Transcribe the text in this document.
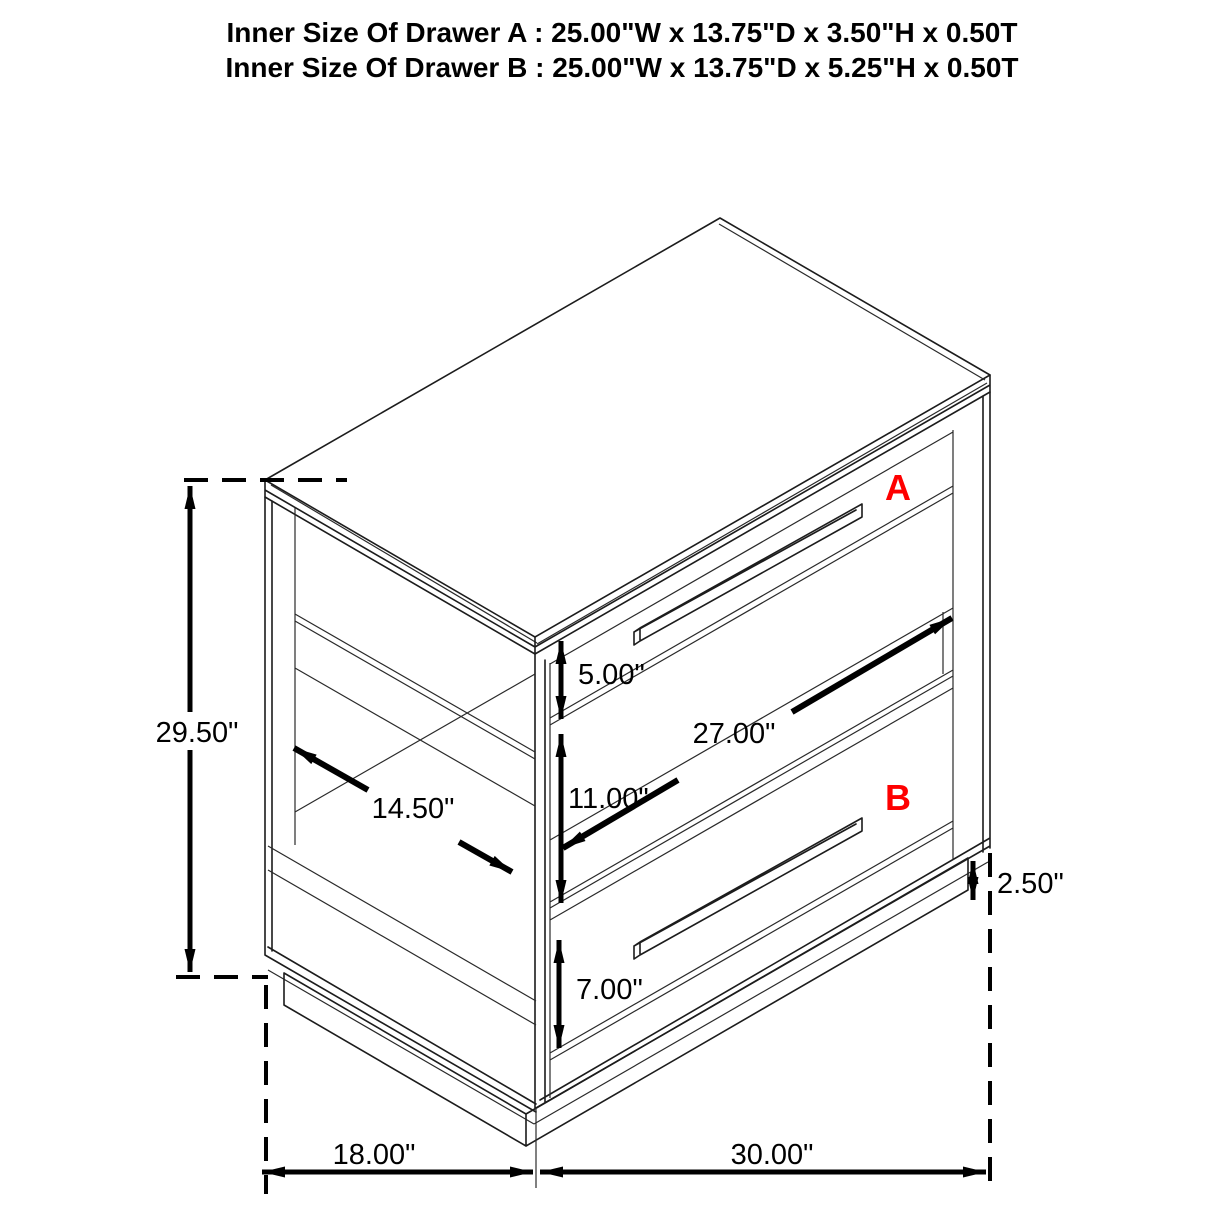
Inner Size Of Drawer A : 25.00"W x 13.75"D x 3.50"H x 0.50T
Inner Size Of Drawer B : 25.00"W x 13.75"D x 5.25"H x 0.50T
A
B
29.50"
14.50"
5.00"
11.00"
27.00"
7.00"
2.50"
18.00"	30.00"
